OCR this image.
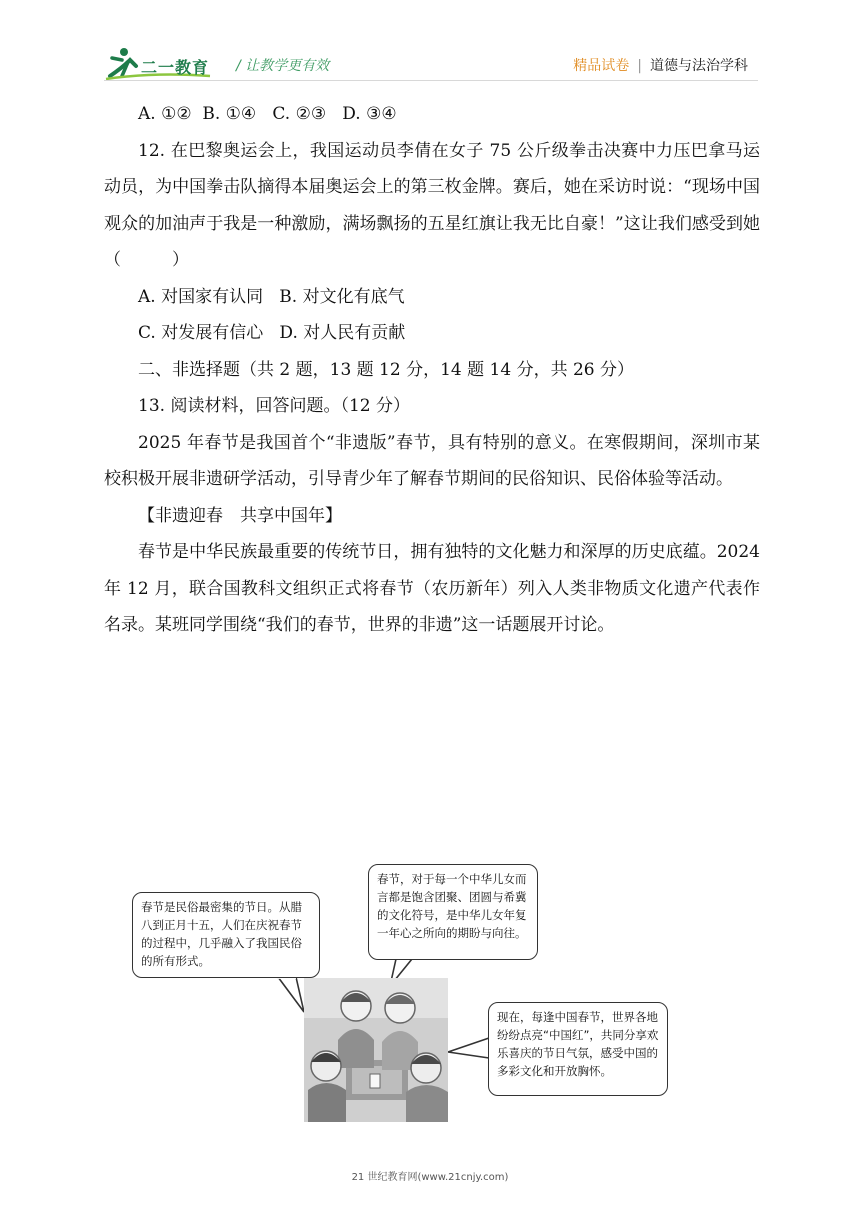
二一教育 / 让教学更有效	精品试卷 | 道德与法治学科

A. ①②  B. ①④   C. ②③   D. ③④

12. 在巴黎奥运会上，我国运动员李倩在女子 75 公斤级拳击决赛中力压巴拿马运动员，为中国拳击队摘得本届奥运会上的第三枚金牌。赛后，她在采访时说：“现场中国观众的加油声于我是一种激励，满场飘扬的五星红旗让我无比自豪！”这让我们感受到她（　　　）

A. 对国家有认同   B. 对文化有底气

C. 对发展有信心   D. 对人民有贡献

二、非选择题（共 2 题，13 题 12 分，14 题 14 分，共 26 分）

13. 阅读材料，回答问题。（12 分）

2025 年春节是我国首个“非遗版”春节，具有特别的意义。在寒假期间，深圳市某校积极开展非遗研学活动，引导青少年了解春节期间的民俗知识、民俗体验等活动。

【非遗迎春　共享中国年】

春节是中华民族最重要的传统节日，拥有独特的文化魅力和深厚的历史底蕴。2024 年 12 月，联合国教科文组织正式将春节（农历新年）列入人类非物质文化遗产代表作名录。某班同学围绕“我们的春节，世界的非遗”这一话题展开讨论。

春节是民俗最密集的节日。从腊八到正月十五，人们在庆祝春节的过程中，几乎融入了我国民俗的所有形式。
春节，对于每一个中华儿女而言都是饱含团聚、团圆与希冀的文化符号，是中华儿女年复一年心之所向的期盼与向往。
现在，每逢中国春节，世界各地纷纷点亮“中国红”，共同分享欢乐喜庆的节日气氛，感受中国的多彩文化和开放胸怀。
21 世纪教育网(www.21cnjy.com)
